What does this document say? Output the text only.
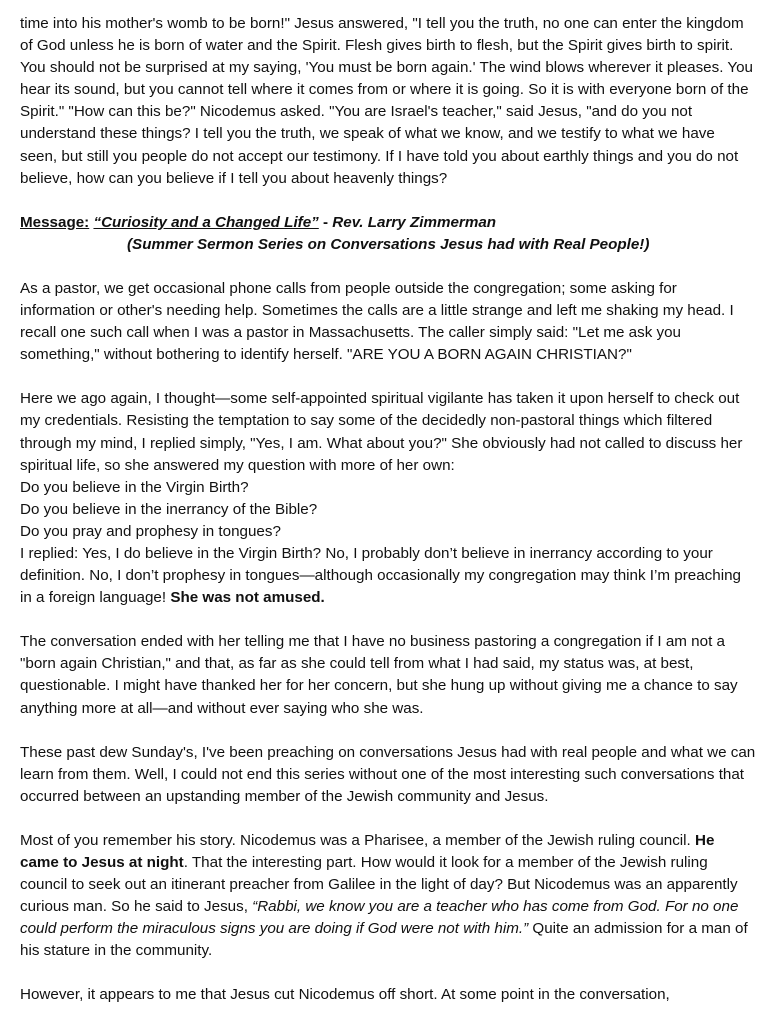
time into his mother's womb to be born!" Jesus answered, "I tell you the truth, no one can enter the kingdom of God unless he is born of water and the Spirit. Flesh gives birth to flesh, but the Spirit gives birth to spirit. You should not be surprised at my saying, 'You must be born again.' The wind blows wherever it pleases. You hear its sound, but you cannot tell where it comes from or where it is going. So it is with everyone born of the Spirit." "How can this be?" Nicodemus asked. "You are Israel's teacher," said Jesus, "and do you not understand these things? I tell you the truth, we speak of what we know, and we testify to what we have seen, but still you people do not accept our testimony. If I have told you about earthly things and you do not believe, how can you believe if I tell you about heavenly things?

Message: “Curiosity and a Changed Life” - Rev. Larry Zimmerman

(Summer Sermon Series on Conversations Jesus had with Real People!)

As a pastor, we get occasional phone calls from people outside the congregation; some asking for information or other's needing help. Sometimes the calls are a little strange and left me shaking my head. I recall one such call when I was a pastor in Massachusetts. The caller simply said: "Let me ask you something," without bothering to identify herself. "ARE YOU A BORN AGAIN CHRISTIAN?"

Here we ago again, I thought—some self-appointed spiritual vigilante has taken it upon herself to check out my credentials. Resisting the temptation to say some of the decidedly non-pastoral things which filtered through my mind, I replied simply, "Yes, I am. What about you?" She obviously had not called to discuss her spiritual life, so she answered my question with more of her own:

Do you believe in the Virgin Birth?

Do you believe in the inerrancy of the Bible?

Do you pray and prophesy in tongues?

I replied: Yes, I do believe in the Virgin Birth? No, I probably don’t believe in inerrancy according to your definition. No, I don’t prophesy in tongues—although occasionally my congregation may think I’m preaching in a foreign language! She was not amused.

The conversation ended with her telling me that I have no business pastoring a congregation if I am not a "born again Christian," and that, as far as she could tell from what I had said, my status was, at best, questionable. I might have thanked her for her concern, but she hung up without giving me a chance to say anything more at all—and without ever saying who she was.

These past dew Sunday's, I've been preaching on conversations Jesus had with real people and what we can learn from them. Well, I could not end this series without one of the most interesting such conversations that occurred between an upstanding member of the Jewish community and Jesus.

Most of you remember his story. Nicodemus was a Pharisee, a member of the Jewish ruling council. He came to Jesus at night. That the interesting part. How would it look for a member of the Jewish ruling council to seek out an itinerant preacher from Galilee in the light of day? But Nicodemus was an apparently curious man. So he said to Jesus, “Rabbi, we know you are a teacher who has come from God. For no one could perform the miraculous signs you are doing if God were not with him.” Quite an admission for a man of his stature in the community.

However, it appears to me that Jesus cut Nicodemus off short. At some point in the conversation,
